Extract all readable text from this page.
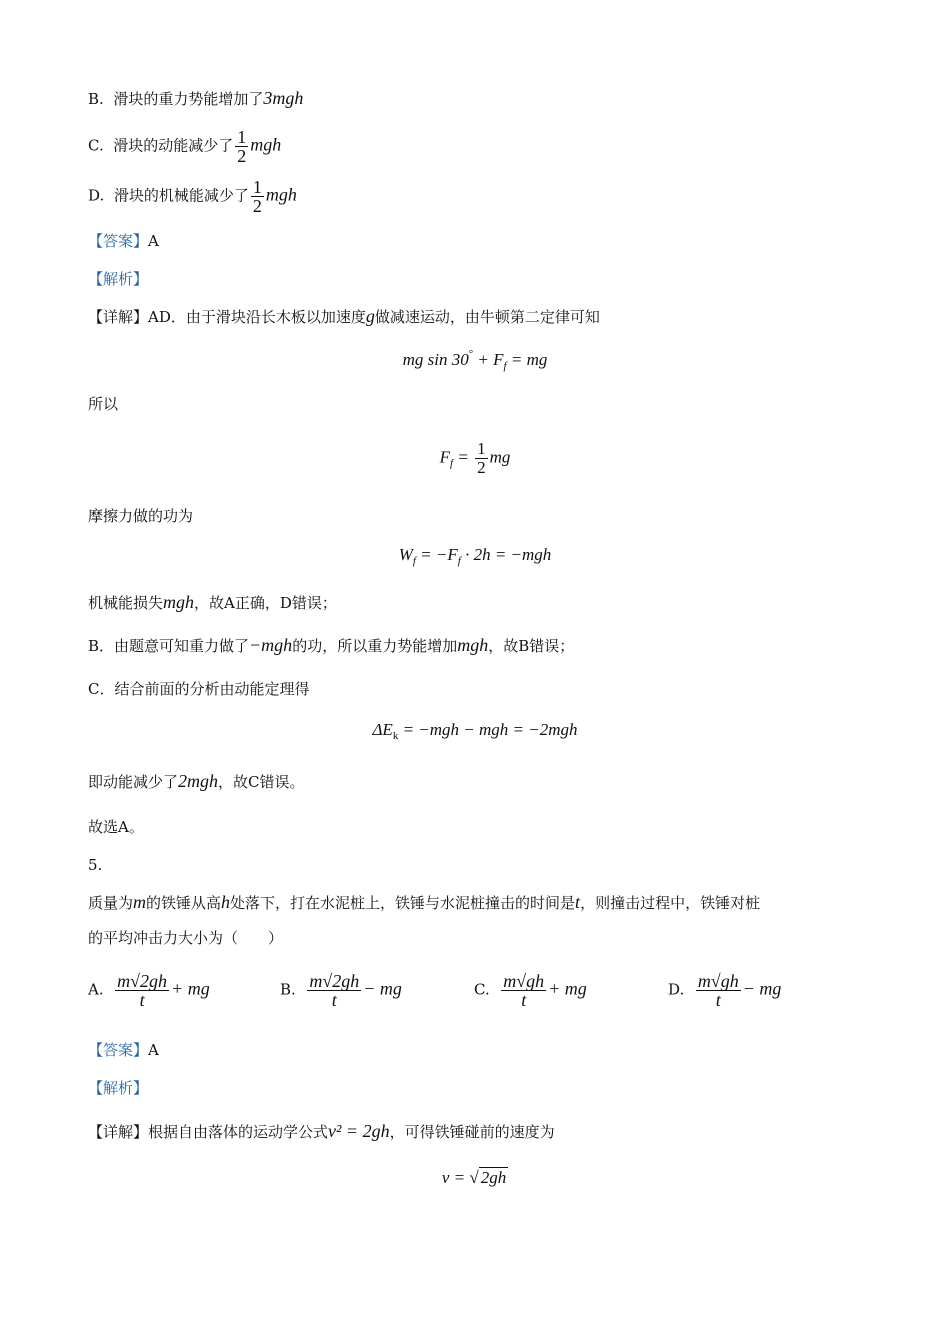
B. 滑块的重力势能增加了3mgh
C. 滑块的动能减少了 $\frac{1}{2}$ mgh
D. 滑块的机械能减少了 $\frac{1}{2}$ mgh
【答案】A
【解析】
【详解】AD．由于滑块沿长木板以加速度g做减速运动，由牛顿第二定律可知
mg $\sin 30^\circ + F_f$ = mg
所以
$F_f = \frac{1}{2}$ mg
摩擦力做的功为
$W_f = -F_f \cdot 2h = -mgh$
机械能损失mgh，故A正确，D错误；
B．由题意可知重力做了−mgh的功，所以重力势能增加mgh，故B错误；
C．结合前面的分析由动能定理得
$\Delta E_k = -mgh$ − mgh = −2mgh
即动能减少了2mgh，故C错误。
故选A。
5.
质量为m的铁锤从高h处落下，打在水泥桩上，铁锤与水泥桩撞击的时间是t，则撞击过程中，铁锤对桩
的平均冲击力大小为（　　）
A. $\frac{m√2gh}{t}$ + mg	B. $\frac{m√2gh}{t}$ − mg	C. $\frac{m√gh}{t}$ + mg	D. $\frac{m√gh}{t}$ − mg
【答案】A
【解析】
【详解】根据自由落体的运动学公式v² = 2gh，可得铁锤碰前的速度为
v = √ 2gh
